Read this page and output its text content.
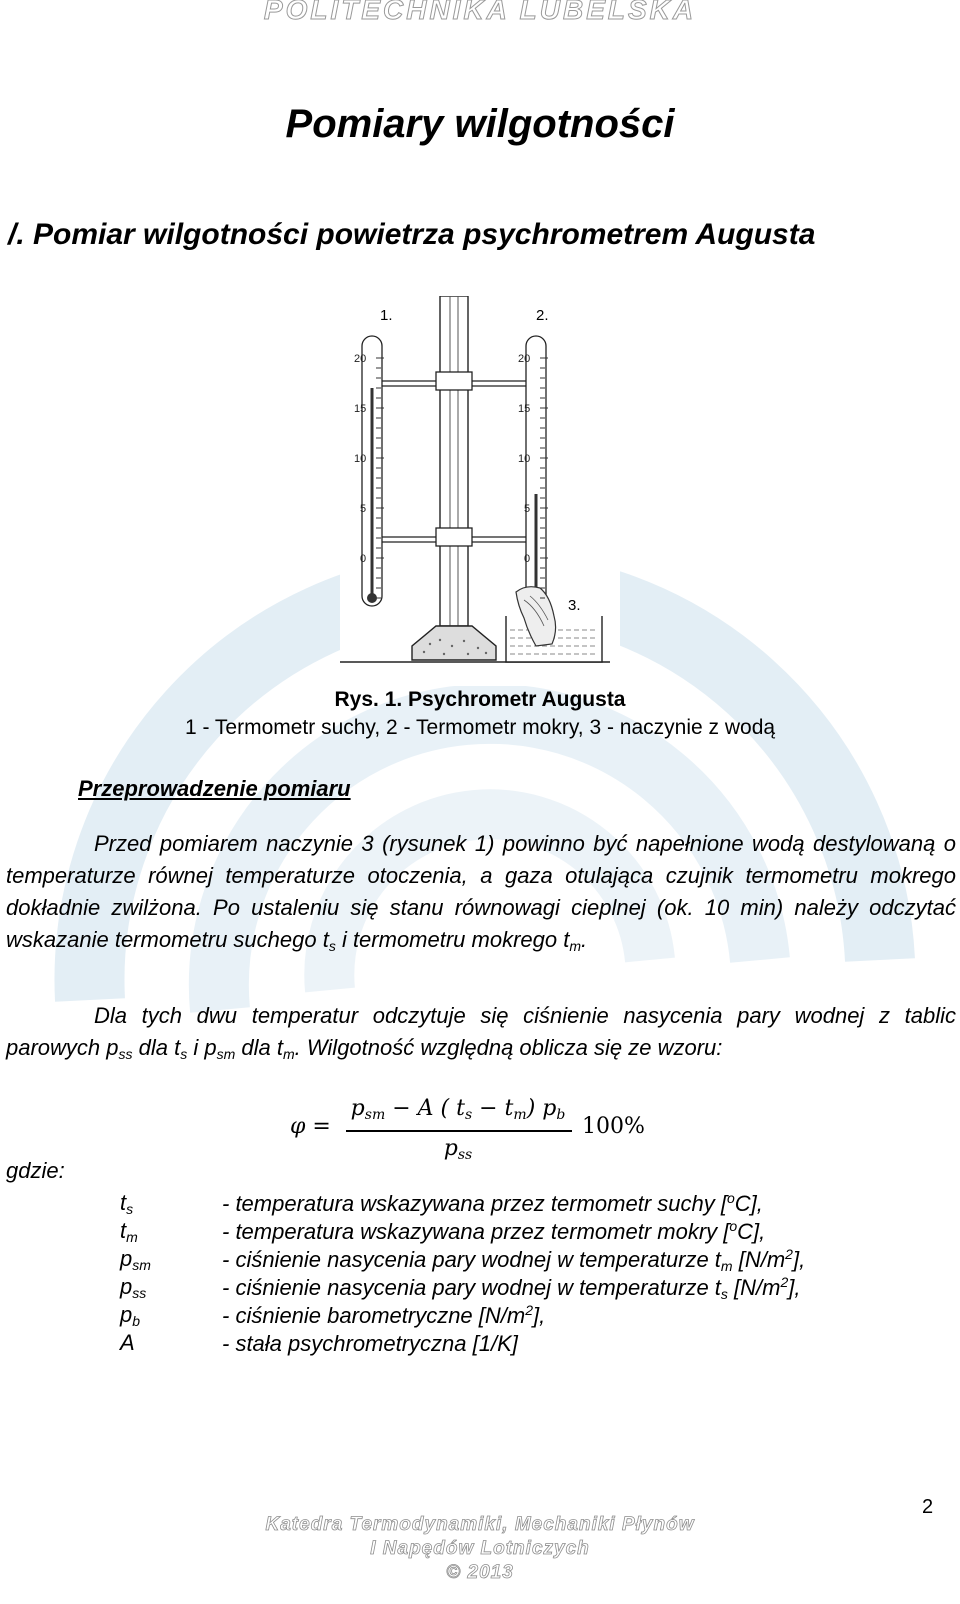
POLITECHNIKA LUBELSKA
Pomiary wilgotności
/. Pomiar wilgotności powietrza psychrometrem Augusta
1.	2.
3.
20
15
10
5
0
20
15
10
5
0
Rys. 1. Psychrometr Augusta
1 - Termometr suchy, 2 - Termometr mokry, 3 - naczynie z wodą
Przeprowadzenie pomiaru

Przed pomiarem naczynie 3 (rysunek 1) powinno być napełnione wodą destylowaną o temperaturze równej temperaturze otoczenia, a gaza otulająca czujnik termometru mokrego dokładnie zwilżona. Po ustaleniu się stanu równowagi cieplnej (ok. 10 min) należy odczytać wskazanie termometru suchego $t_s$ i termometru mokrego $t_m$.

Dla tych dwu temperatur odczytuje się ciśnienie nasycenia pary wodnej z tablic parowych $p_{ss}$ dla $t_s$ i $p_{sm}$ dla $t_m$. Wilgotność względną oblicza się ze wzoru:

φ =
$p_{sm} - A$ ( $t_s - t_m$) $p_b$
$p_{ss}$
100%
gdzie:
$t_s$	- temperatura wskazywana przez termometr suchy [$^o$C],
$t_m$	- temperatura wskazywana przez termometr mokry [$^o$C],
$p_{sm}$	- ciśnienie nasycenia pary wodnej w temperaturze $t_m$ $[N/m^2]$,
$p_{ss}$	- ciśnienie nasycenia pary wodnej w temperaturze $t_s$ $[N/m^2]$,
$p_b$	- ciśnienie barometryczne $[N/m^2]$,
A	- stała psychrometryczna [1/K]
2
Katedra Termodynamiki, Mechaniki Płynów
I Napędów Lotniczych
© 2013
